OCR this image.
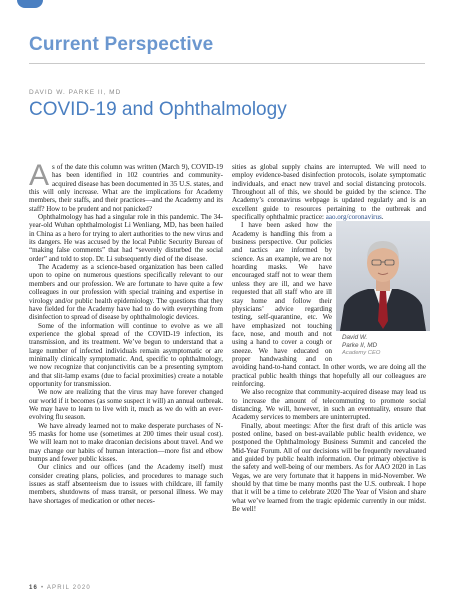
Current Perspective
DAVID W. PARKE II, MD
COVID-19 and Ophthalmology

As of the date this column was written (March 9), COVID-19 has been identified in 102 countries and community-acquired disease has been documented in 35 U.S. states, and this will only increase. What are the implications for Academy members, their staffs, and their practices—and the Academy and its staff? How to be prudent and not panicked?

Ophthalmology has had a singular role in this pandemic. The 34-year-old Wuhan ophthalmologist Li Wenliang, MD, has been hailed in China as a hero for trying to alert authorities to the new virus and its dangers. He was accused by the local Public Security Bureau of “making false comments” that had “severely disturbed the social order” and told to stop. Dr. Li subsequently died of the disease.

The Academy as a science-based organization has been called upon to opine on numerous questions specifically relevant to our members and our profession. We are fortunate to have quite a few colleagues in our profession with special training and expertise in virology and/or public health epidemiology. The questions that they have fielded for the Academy have had to do with everything from disinfection to spread of disease by ophthalmologic devices.

Some of the information will continue to evolve as we all experience the global spread of the COVID-19 infection, its transmission, and its treatment. We’ve begun to understand that a large number of infected individuals remain asymptomatic or are minimally clinically symptomatic. And, specific to ophthalmology, we now recognize that conjunctivitis can be a presenting symptom and that slit-lamp exams (due to facial proximities) create a notable opportunity for transmission.

We now are realizing that the virus may have forever changed our world if it becomes (as some suspect it will) an annual outbreak. We may have to learn to live with it, much as we do with an ever-evolving flu season.

We have already learned not to make desperate purchases of N-95 masks for home use (sometimes at 200 times their usual cost). We will learn not to make draconian decisions about travel. And we may change our habits of human interaction—more fist and elbow bumps and fewer public kisses.

Our clinics and our offices (and the Academy itself) must consider creating plans, policies, and procedures to manage such issues as staff absenteeism due to issues with childcare, ill family members, shutdowns of mass transit, or personal illness. We may have shortages of medication or other neces-

sities as global supply chains are interrupted. We will need to employ evidence-based disinfection protocols, isolate symptomatic individuals, and enact new travel and social distancing protocols. Throughout all of this, we should be guided by the science. The Academy’s coronavirus webpage is updated regularly and is an excellent guide to resources pertaining to the outbreak and specifically ophthalmic practice: aao.org/coronavirus.

David W.
Parke II, MD
Academy CEO

I have been asked how the Academy is handling this from a business perspective. Our policies and tactics are informed by science. As an example, we are not hoarding masks. We have encouraged staff not to wear them unless they are ill, and we have requested that all staff who are ill stay home and follow their physicians’ advice regarding testing, self-quarantine, etc. We have emphasized not touching face, nose, and mouth and not using a hand to cover a cough or sneeze. We have educated on proper handwashing and on avoiding hand-to-hand contact. In other words, we are doing all the practical public health things that hopefully all our colleagues are reinforcing.

We also recognize that community-acquired disease may lead us to increase the amount of telecommuting to promote social distancing. We will, however, in such an eventuality, ensure that Academy services to members are uninterrupted.

Finally, about meetings: After the first draft of this article was posted online, based on best-available public health evidence, we postponed the Ophthalmology Business Summit and canceled the Mid-Year Forum. All of our decisions will be frequently reevaluated and guided by public health information. Our primary objective is the safety and well-being of our members. As for AAO 2020 in Las Vegas, we are very fortunate that it happens in mid-November. We should by that time be many months past the U.S. outbreak. I hope that it will be a time to celebrate 2020 The Year of Vision and share what we’ve learned from the tragic epidemic currently in our midst. Be well!

16 • APRIL 2020
